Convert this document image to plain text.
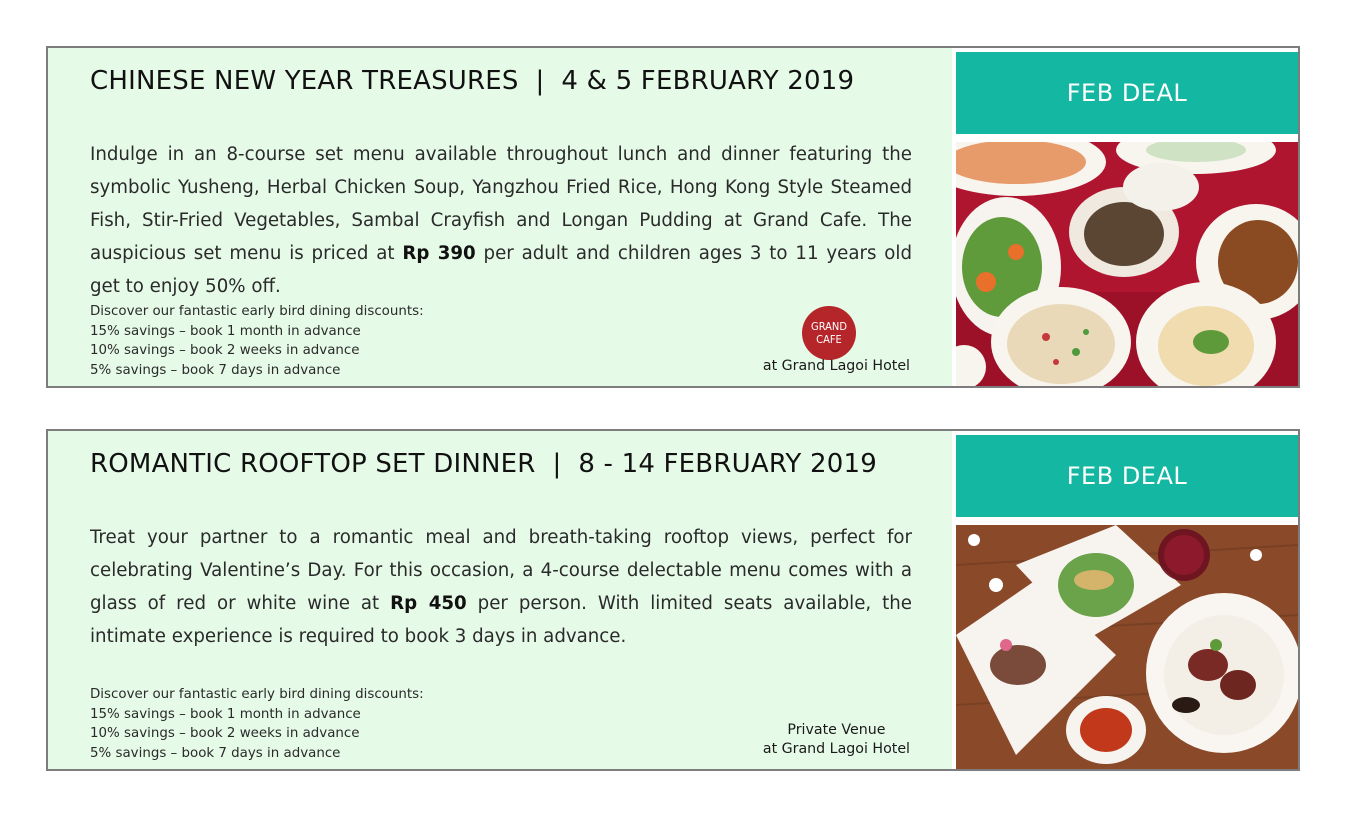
CHINESE NEW YEAR TREASURES  |  4 & 5 FEBRUARY 2019
Indulge in an 8-course set menu available throughout lunch and dinner featuring the symbolic Yusheng, Herbal Chicken Soup, Yangzhou Fried Rice, Hong Kong Style Steamed Fish, Stir-Fried Vegetables, Sambal Crayfish and Longan Pudding at Grand Cafe. The auspicious set menu is priced at Rp 390 per adult and children ages 3 to 11 years old get to enjoy 50% off.
Discover our fantastic early bird dining discounts:
15% savings – book 1 month in advance
10% savings – book 2 weeks in advance
5% savings – book 7 days in advance
GRAND
CAFE
at Grand Lagoi Hotel
FEB DEAL
ROMANTIC ROOFTOP SET DINNER  |  8 - 14 FEBRUARY 2019
Treat your partner to a romantic meal and breath-taking rooftop views, perfect for celebrating Valentine’s Day. For this occasion, a 4-course delectable menu comes with a glass of red or white wine at Rp 450 per person. With limited seats available, the intimate experience is required to book 3 days in advance.
Discover our fantastic early bird dining discounts:
15% savings – book 1 month in advance
10% savings – book 2 weeks in advance
5% savings – book 7 days in advance
Private Venue
at Grand Lagoi Hotel
FEB DEAL
